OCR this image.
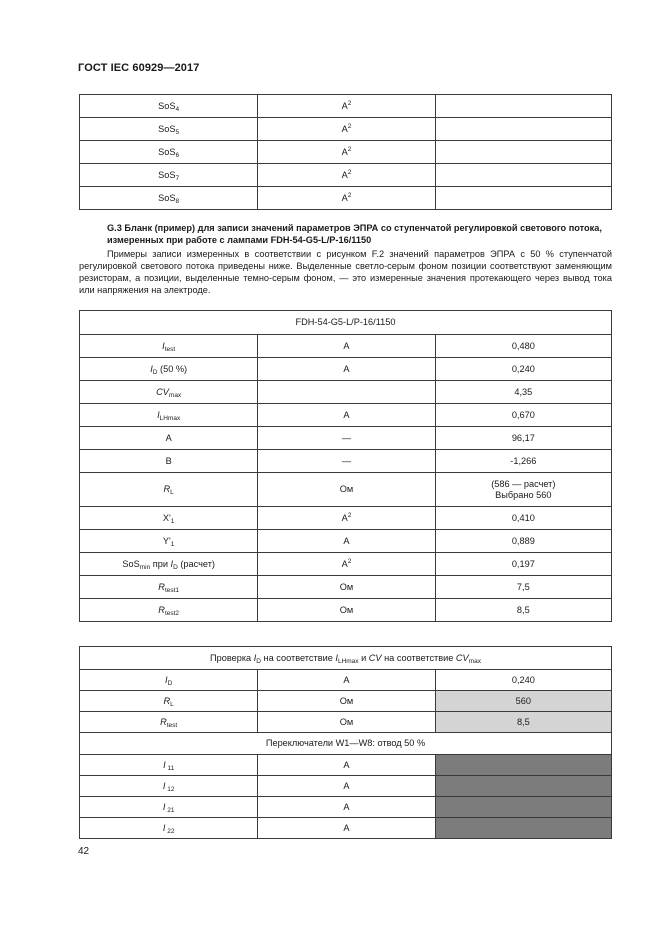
ГОСТ IEC 60929—2017
SoS$_4$	$A^2$	
SoS$_5$	$A^2$	
SoS$_6$	$A^2$	
SoS$_7$	$A^2$	
SoS$_8$	$A^2$	
G.3 Бланк (пример) для записи значений параметров ЭПРА со ступенчатой регулировкой светового потока, измеренных при работе с лампами FDH-54-G5-L/P-16/1150
Примеры записи измеренных в соответствии с рисунком F.2 значений параметров ЭПРА с 50 % ступенчатой регулировкой светового потока приведены ниже. Выделенные светло-серым фоном позиции соответствуют заменяющим резисторам, а позиции, выделенные темно-серым фоном, — это измеренные значения протекающего через вывод тока или напряжения на электроде.
FDH-54-G5-L/P-16/1150		
$I_{test}$	A	0,480
$I_D$ (50 %)	A	0,240
$CV_{max}$		4,35
$I_{LHmax}$	A	0,670
A	—	96,17
B	—	-1,266
$R_L$	Ом	(586 — расчет)
Выбрано 560

$X'_1$	$A^2$	0,410
$Y'_1$	A	0,889
SoS$_{min}$ при $I_D$ (расчет)	$A^2$	0,197
$R_{test1}$	Ом	7,5
$R_{test2}$	Ом	8,5
Проверка $I_D$ на соответствие $I_{LHmax}$ и CV на соответствие $CV_{max}$
$I_D$	A	0,240
$R_L$	Ом	560
$R_{test}$	Ом	8,5
Переключатели W1—W8: отвод 50 %		
I $_{11}$	A	
I $_{12}$	A	
I $_{21}$	A	
I $_{22}$	A	
42
